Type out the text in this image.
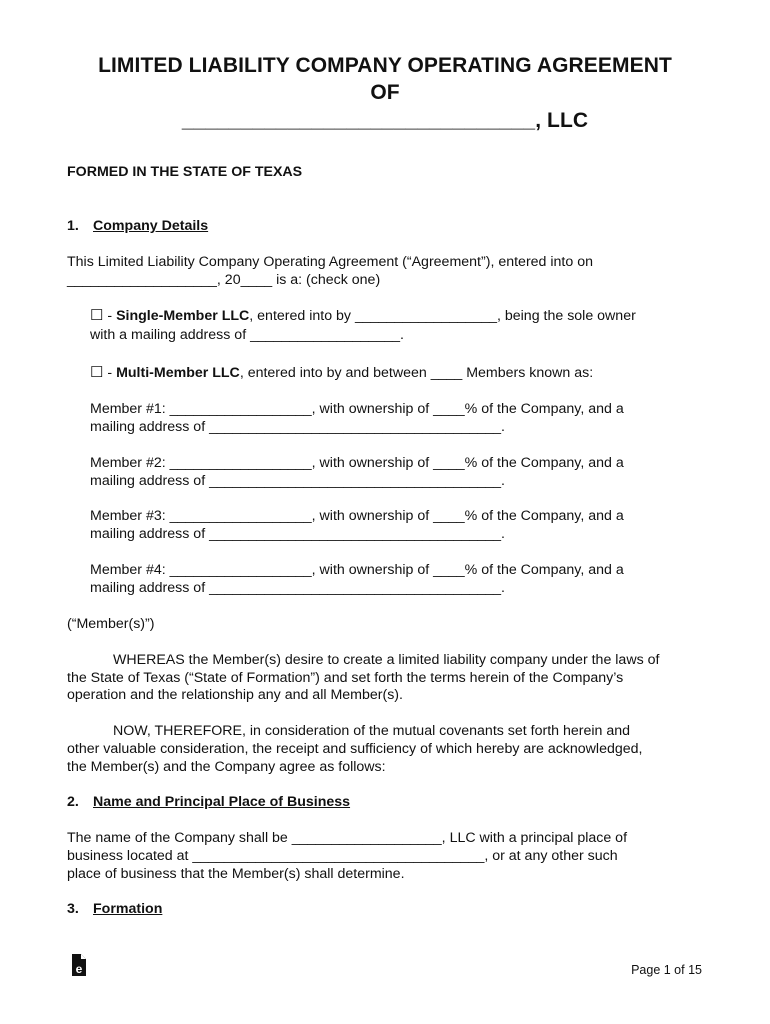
LIMITED LIABILITY COMPANY OPERATING AGREEMENT
OF
______________________________, LLC
FORMED IN THE STATE OF TEXAS
1. Company Details
This Limited Liability Company Operating Agreement (“Agreement”), entered into on
___________________, 20____ is a: (check one)
☐ - Single-Member LLC, entered into by __________________, being the sole owner
with a mailing address of ___________________.
☐ - Multi-Member LLC, entered into by and between ____ Members known as:
Member #1: __________________, with ownership of ____% of the Company, and a
mailing address of _____________________________________.
Member #2: __________________, with ownership of ____% of the Company, and a
mailing address of _____________________________________.
Member #3: __________________, with ownership of ____% of the Company, and a
mailing address of _____________________________________.
Member #4: __________________, with ownership of ____% of the Company, and a
mailing address of _____________________________________.
(“Member(s)”)
WHEREAS the Member(s) desire to create a limited liability company under the laws of
the State of Texas (“State of Formation”) and set forth the terms herein of the Company’s
operation and the relationship any and all Member(s).
NOW, THEREFORE, in consideration of the mutual covenants set forth herein and
other valuable consideration, the receipt and sufficiency of which hereby are acknowledged,
the Member(s) and the Company agree as follows:
2. Name and Principal Place of Business
The name of the Company shall be ___________________, LLC with a principal place of
business located at _____________________________________, or at any other such
place of business that the Member(s) shall determine.
3. Formation
e	Page 1 of 15
